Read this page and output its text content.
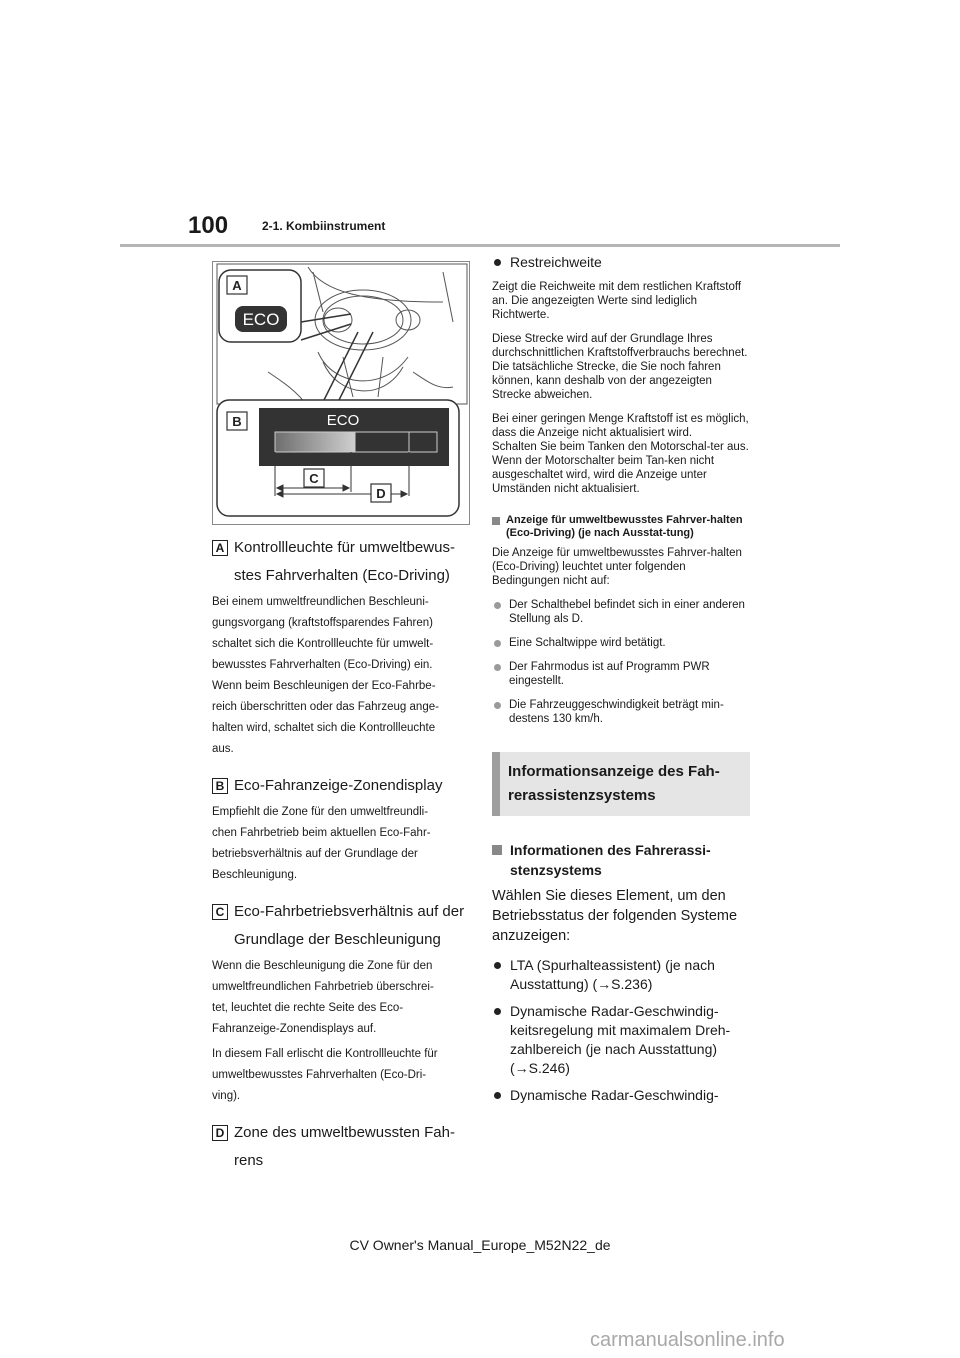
100	2-1. Kombiinstrument
ECO
A
B	ECO
C
D
A Kontrollleuchte für umweltbewus-
stes Fahrverhalten (Eco-Driving)

Bei einem umweltfreundlichen Beschleuni-
gungsvorgang (kraftstoffsparendes Fahren)
schaltet sich die Kontrollleuchte für umwelt-
bewusstes Fahrverhalten (Eco-Driving) ein.
Wenn beim Beschleunigen der Eco-Fahrbe-
reich überschritten oder das Fahrzeug ange-
halten wird, schaltet sich die Kontrollleuchte
aus.

B Eco-Fahranzeige-Zonendisplay

Empfiehlt die Zone für den umweltfreundli-
chen Fahrbetrieb beim aktuellen Eco-Fahr-
betriebsverhältnis auf der Grundlage der
Beschleunigung.

C Eco-Fahrbetriebsverhältnis auf der
Grundlage der Beschleunigung

Wenn die Beschleunigung die Zone für den
umweltfreundlichen Fahrbetrieb überschrei-
tet, leuchtet die rechte Seite des Eco-
Fahranzeige-Zonendisplays auf.

In diesem Fall erlischt die Kontrollleuchte für
umweltbewusstes Fahrverhalten (Eco-Dri-
ving).

D Zone des umweltbewussten Fah-
rens
Restreichweite

Zeigt die Reichweite mit dem restlichen Kraftstoff an. Die angezeigten Werte sind lediglich Richtwerte.

Diese Strecke wird auf der Grundlage Ihres durchschnittlichen Kraftstoffverbrauchs berechnet. Die tatsächliche Strecke, die Sie noch fahren können, kann deshalb von der angezeigten Strecke abweichen.

Bei einer geringen Menge Kraftstoff ist es möglich, dass die Anzeige nicht aktualisiert wird.

Schalten Sie beim Tanken den Motorschal-ter aus. Wenn der Motorschalter beim Tan-ken nicht ausgeschaltet wird, wird die Anzeige unter Umständen nicht aktualisiert.

Anzeige für umweltbewusstes Fahrver-halten (Eco-Driving) (je nach Ausstat-tung)

Die Anzeige für umweltbewusstes Fahrver-halten (Eco-Driving) leuchtet unter folgenden Bedingungen nicht auf:

Der Schalthebel befindet sich in einer anderen Stellung als D.
Eine Schaltwippe wird betätigt.
Der Fahrmodus ist auf Programm PWR eingestellt.
Die Fahrzeuggeschwindigkeit beträgt min-destens 130 km/h.
Informationsanzeige des Fah-rerassistenzsystems
Informationen des Fahrerassi-stenzsystems

Wählen Sie dieses Element, um den Betriebsstatus der folgenden Systeme anzuzeigen:

LTA (Spurhalteassistent) (je nach Ausstattung) (→S.236)
Dynamische Radar-Geschwindig-keitsregelung mit maximalem Dreh-zahlbereich (je nach Ausstattung) (→S.246)
Dynamische Radar-Geschwindig-
CV Owner's Manual_Europe_M52N22_de
carmanualsonline.info
